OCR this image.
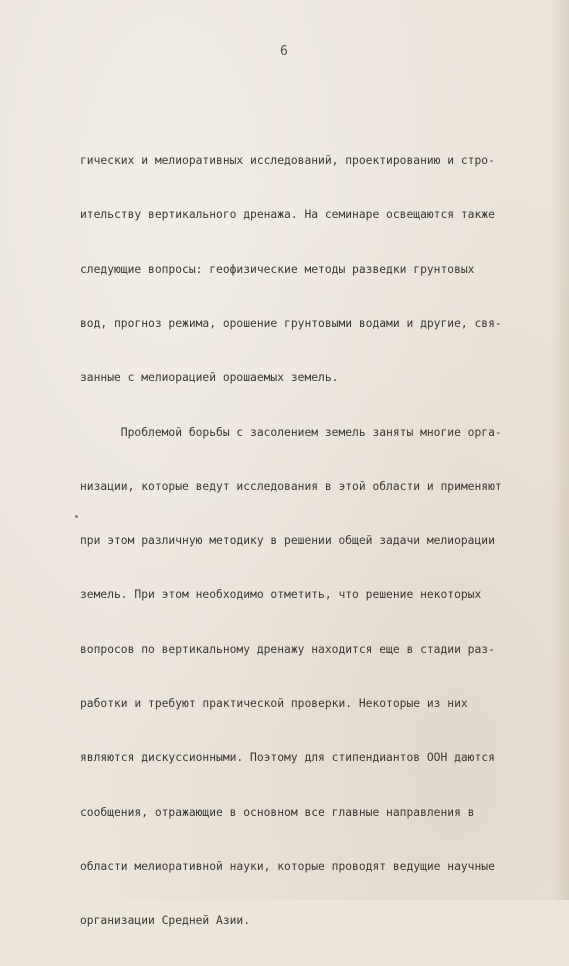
6

гических и мелиоративных исследований, проектированию и стро-

ительству вертикального дренажа. На семинаре освещаются также

следующие вопросы: геофизические методы разведки грунтовых

вод, прогноз режима, орошение грунтовыми водами и другие, свя-

занные с мелиорацией орошаемых земель.

Проблемой борьбы с засолением земель заняты многие орга-

низации, которые ведут исследования в этой области и применяют

при этом различную методику в решении общей задачи мелиорации

земель. При этом необходимо отметить, что решение некоторых

вопросов по вертикальному дренажу находится еще в стадии раз-

работки и требуют практической проверки. Некоторые из них

являются дискуссионными. Поэтому для стипендиантов ООН даются

сообщения, отражающие в основном все главные направления в

области мелиоративной науки, которые проводят ведущие научные

организации Средней Азии.
